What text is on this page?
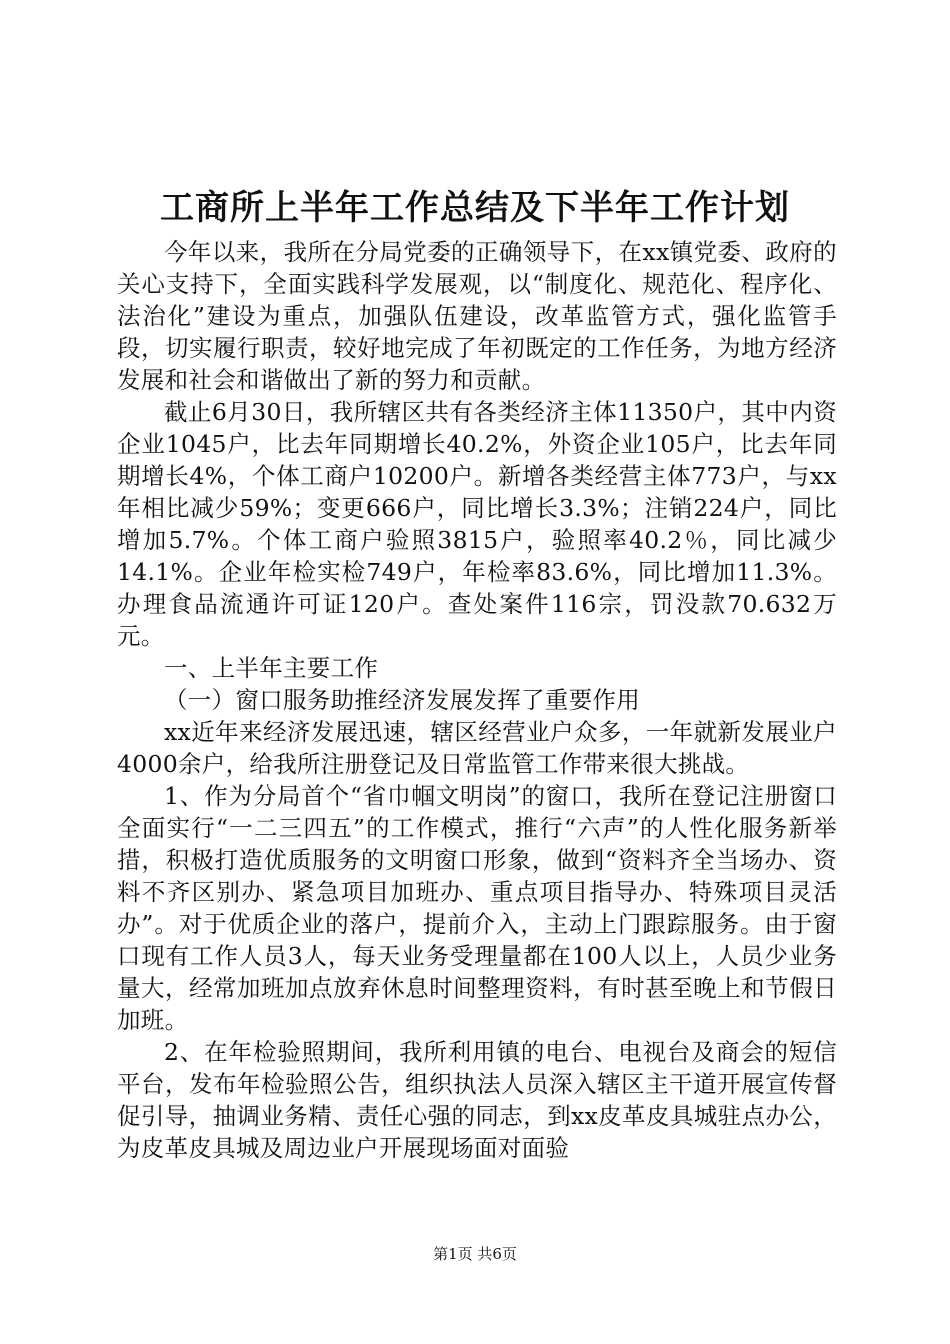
工商所上半年工作总结及下半年工作计划

今年以来，我所在分局党委的正确领导下，在xx镇党委、政府的关心支持下，全面实践科学发展观，以“制度化、规范化、程序化、法治化”建设为重点，加强队伍建设，改革监管方式，强化监管手段，切实履行职责，较好地完成了年初既定的工作任务，为地方经济发展和社会和谐做出了新的努力和贡献。

截止6月30日，我所辖区共有各类经济主体11350户，其中内资企业1045户，比去年同期增长40.2%，外资企业105户，比去年同期增长4%，个体工商户10200户。新增各类经营主体773户，与xx年相比减少59%；变更666户，同比增长3.3%；注销224户，同比增加5.7%。个体工商户验照3815户，验照率40.2％，同比减少14.1%。企业年检实检749户，年检率83.6%，同比增加11.3%。办理食品流通许可证120户。查处案件116宗，罚没款70.632万元。

一、上半年主要工作

（一）窗口服务助推经济发展发挥了重要作用

xx近年来经济发展迅速，辖区经营业户众多，一年就新发展业户4000余户，给我所注册登记及日常监管工作带来很大挑战。

1、作为分局首个“省巾帼文明岗”的窗口，我所在登记注册窗口全面实行“一二三四五”的工作模式，推行“六声”的人性化服务新举措，积极打造优质服务的文明窗口形象，做到“资料齐全当场办、资料不齐区别办、紧急项目加班办、重点项目指导办、特殊项目灵活办”。对于优质企业的落户，提前介入，主动上门跟踪服务。由于窗口现有工作人员3人，每天业务受理量都在100人以上，人员少业务量大，经常加班加点放弃休息时间整理资料，有时甚至晚上和节假日加班。

2、在年检验照期间，我所利用镇的电台、电视台及商会的短信平台，发布年检验照公告，组织执法人员深入辖区主干道开展宣传督促引导，抽调业务精、责任心强的同志，到xx皮革皮具城驻点办公，为皮革皮具城及周边业户开展现场面对面验

第1页 共6页
